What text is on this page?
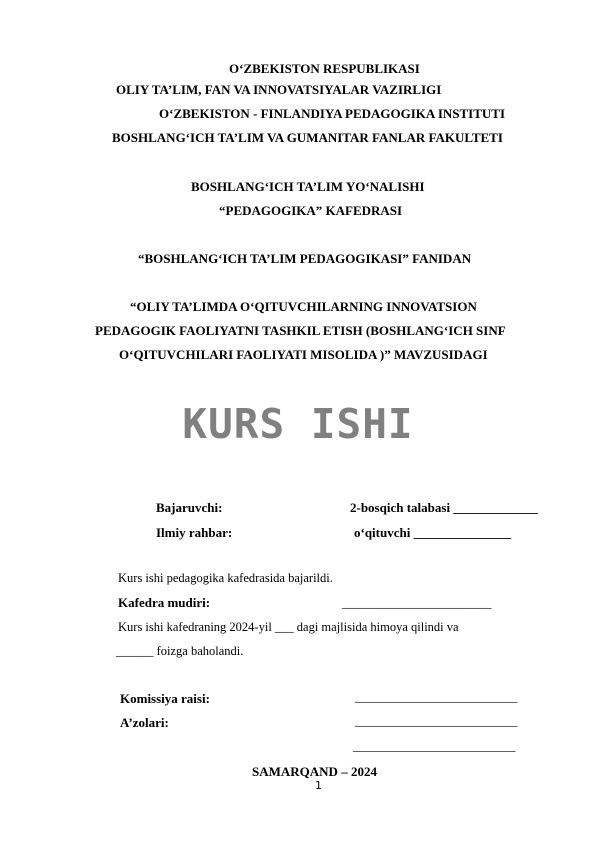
O‘ZBEKISTON RESPUBLIKASI
OLIY TA’LIM, FAN VA INNOVATSIYALAR VAZIRLIGI
O‘ZBEKISTON - FINLANDIYA PEDAGOGIKA INSTITUTI
BOSHLANG‘ICH TA’LIM VA GUMANITAR FANLAR FAKULTETI
BOSHLANG‘ICH TA’LIM YO‘NALISHI
“PEDAGOGIKA” KAFEDRASI
“BOSHLANG‘ICH TA’LIM PEDAGOGIKASI” FANIDAN
“OLIY TA’LIMDA O‘QITUVCHILARNING INNOVATSION
PEDAGOGIK FAOLIYATNI TASHKIL ETISH (BOSHLANG‘ICH SINF
O‘QITUVCHILARI FAOLIYATI MISOLIDA )” MAVZUSIDAGI
KURS ISHI
Bajaruvchi:	2-bosqich talabasi _____________
Ilmiy rahbar:	o‘qituvchi _______________
Kurs ishi pedagogika kafedrasida bajarildi.
Kafedra mudiri:	_______________________
Kurs ishi kafedraning 2024-yil ___ dagi majlisida himoya qilindi va
______ foizga baholandi.
Komissiya raisi:	_________________________
A’zolari:	_________________________
_________________________
SAMARQAND – 2024
1
